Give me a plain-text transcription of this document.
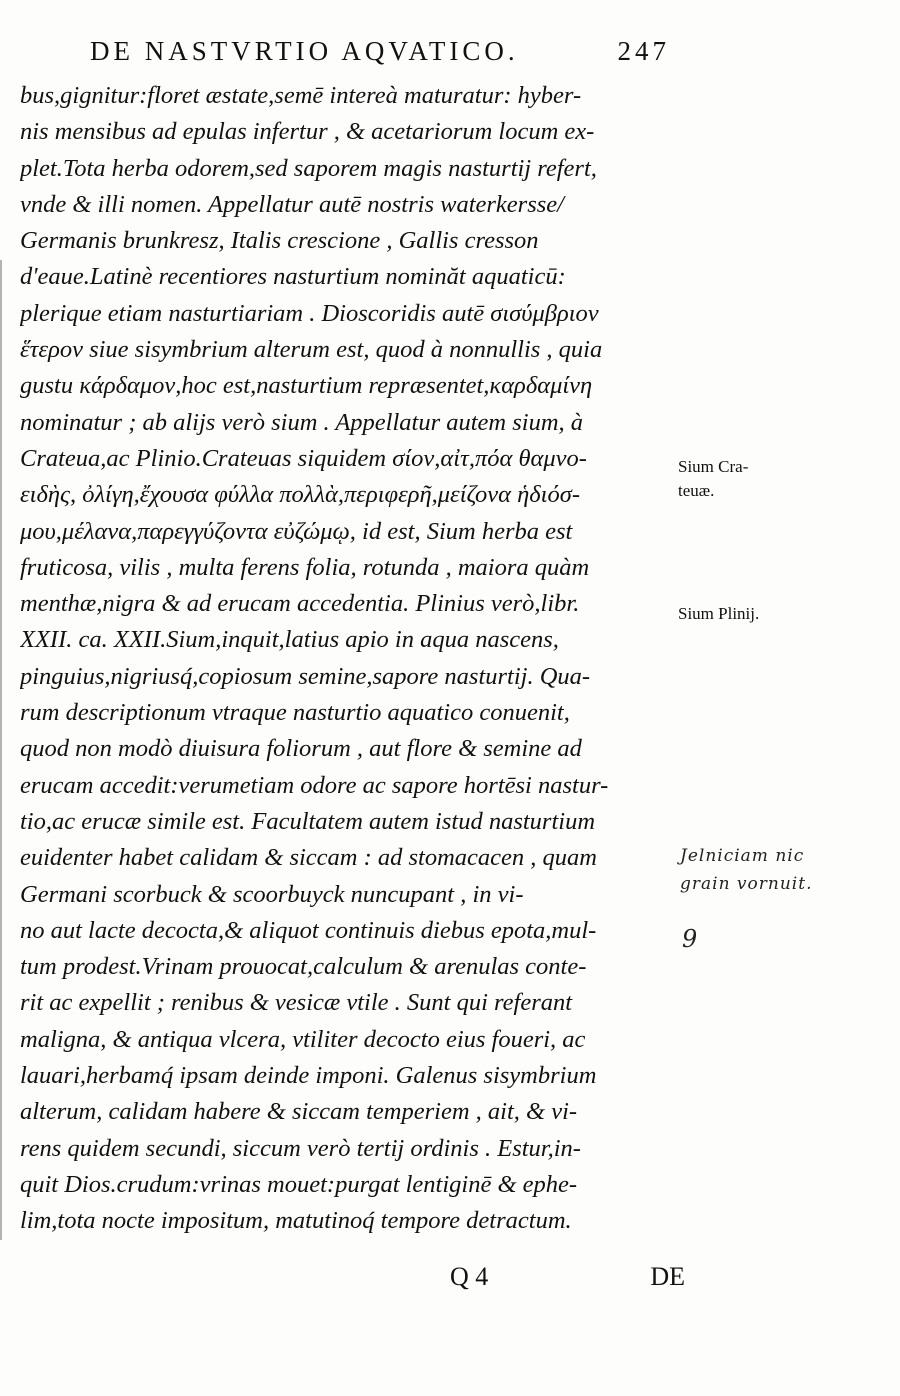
DE NASTVRTIO AQVATICO.	247
bus,gignitur:floret æstate,semē intereà maturatur: hyber-
nis mensibus ad epulas infertur , & acetariorum locum ex-
plet.Tota herba odorem,sed saporem magis nasturtij refert,
vnde & illi nomen. Appellatur autē nostris waterkersse/
Germanis brunkresz, Italis crescione , Gallis cresson
d'eaue.Latinè recentiores nasturtium nominăt aquaticū:
plerique etiam nasturtiariam . Dioscoridis autē σισύμβριον
ἕτερον siue sisymbrium alterum est, quod à nonnullis , quia
gustu κάρδαμον,hoc est,nasturtium repræsentet,καρδαμίνη
nominatur ; ab alijs verò sium . Appellatur autem sium, à
Crateua,ac Plinio.Crateuas siquidem σίον,αἰτ,πόα θαμνο-
ειδὴς, ὀλίγη,ἔχουσα φύλλα πολλὰ,περιφερῆ,μείζονα ἡδιόσ-
μου,μέλανα,παρεγγύζοντα εὐζώμῳ, id est, Sium herba est
fruticosa, vilis , multa ferens folia, rotunda , maiora quàm
menthæ,nigra & ad erucam accedentia. Plinius verò,libr.
XXII. ca. XXII.Sium,inquit,latius apio in aqua nascens,
pinguius,nigriusq́,copiosum semine,sapore nasturtij. Qua-
rum descriptionum vtraque nasturtio aquatico conuenit,
quod non modò diuisura foliorum , aut flore & semine ad
erucam accedit:verumetiam odore ac sapore hortēsi nastur-
tio,ac erucæ simile est. Facultatem autem istud nasturtium
euidenter habet calidam & siccam : ad stomacacen , quam
Germani scorbuck & scoorbuyck nuncupant , in vi-
no aut lacte decocta,& aliquot continuis diebus epota,mul-
tum prodest.Vrinam prouocat,calculum & arenulas conte-
rit ac expellit ; renibus & vesicæ vtile . Sunt qui referant
maligna, & antiqua vlcera, vtiliter decocto eius foueri, ac
lauari,herbamq́ ipsam deinde imponi. Galenus sisymbrium
alterum, calidam habere & siccam temperiem , ait, & vi-
rens quidem secundi, siccum verò tertij ordinis . Estur,in-
quit Dios.crudum:vrinas mouet:purgat lentiginē & ephe-
lim,tota nocte impositum, matutinoq́ tempore detractum.
Sium Cra-
teuæ.
Sium Plinij.
Jelniciam nic
grain vornuit.
9
Q 4	DE
